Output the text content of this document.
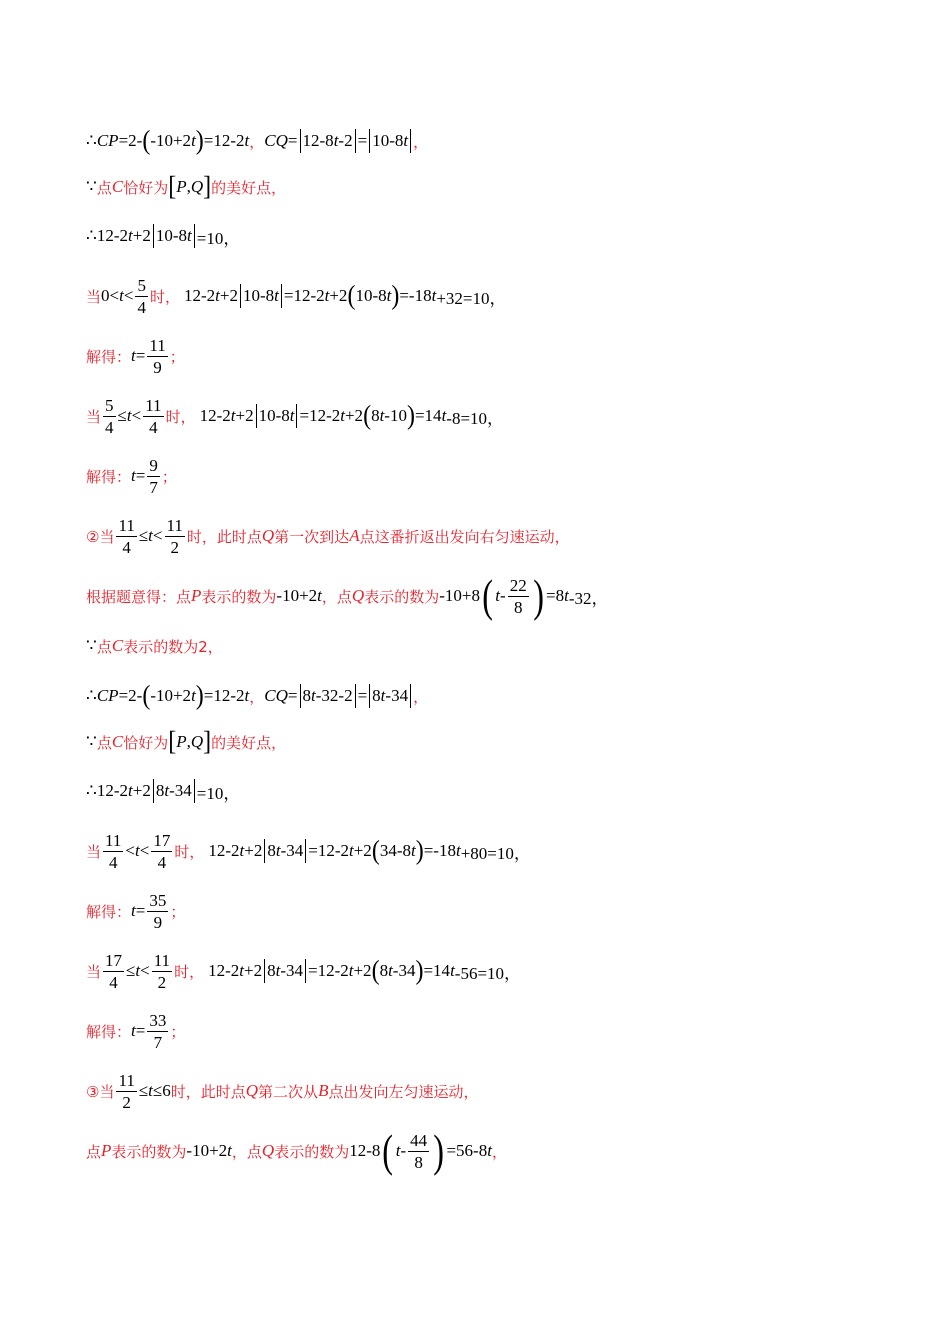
∴ CP =2- ( -10+2 t ) =12-2 t ， CQ = 12-8 t -2 = 10-8 t ，
∵ 点 C 恰好为 [ P , Q ] 的美好点，
∴ 12-2 t +2 10-8 t =10，
当 $0< t < \frac{5}{4}$ 时， 12-2 t +2 10-8 t =12-2 t +2 ( 10-8 t ) =-18 t +32=10，
解得： $t = \frac{11}{9}$ ；
当 $\frac{5}{4} \le t < \frac{11}{4}$ 时， 12-2 t +2 10-8 t =12-2 t +2 ( 8 t -10 ) =14 t -8=10，
解得： $t = \frac{9}{7}$ ；
②当 $\frac{11}{4} \le t < \frac{11}{2}$ 时，此时点 Q 第一次到达 A 点这番折返出发向右匀速运动，
根据题意得：点 P 表示的数为 -10+2 t ，点 Q 表示的数为 -10+8 ( t - $\frac{22}{8}$ ) =8 t -32，
∵ 点 C 表示的数为2，
∴ CP =2- ( -10+2 t ) =12-2 t ， CQ = 8 t -32-2 = 8 t -34 ，
∵ 点 C 恰好为 [ P , Q ] 的美好点，
∴ 12-2 t +2 8 t -34 =10，
当 $\frac{11}{4} < t < \frac{17}{4}$ 时， 12-2 t +2 8 t -34 =12-2 t +2 ( 34-8 t ) =-18 t +80=10，
解得： $t = \frac{35}{9}$ ；
当 $\frac{17}{4} \le t < \frac{11}{2}$ 时， 12-2 t +2 8 t -34 =12-2 t +2 ( 8 t -34 ) =14 t -56=10，
解得： $t = \frac{33}{7}$ ；
③当 $\frac{11}{2} \le t \le 6$ 时，此时点 Q 第二次从 B 点出发向左匀速运动，
点 P 表示的数为 -10+2 t ，点 Q 表示的数为 12-8 ( t - $\frac{44}{8}$ ) =56-8 t ，
